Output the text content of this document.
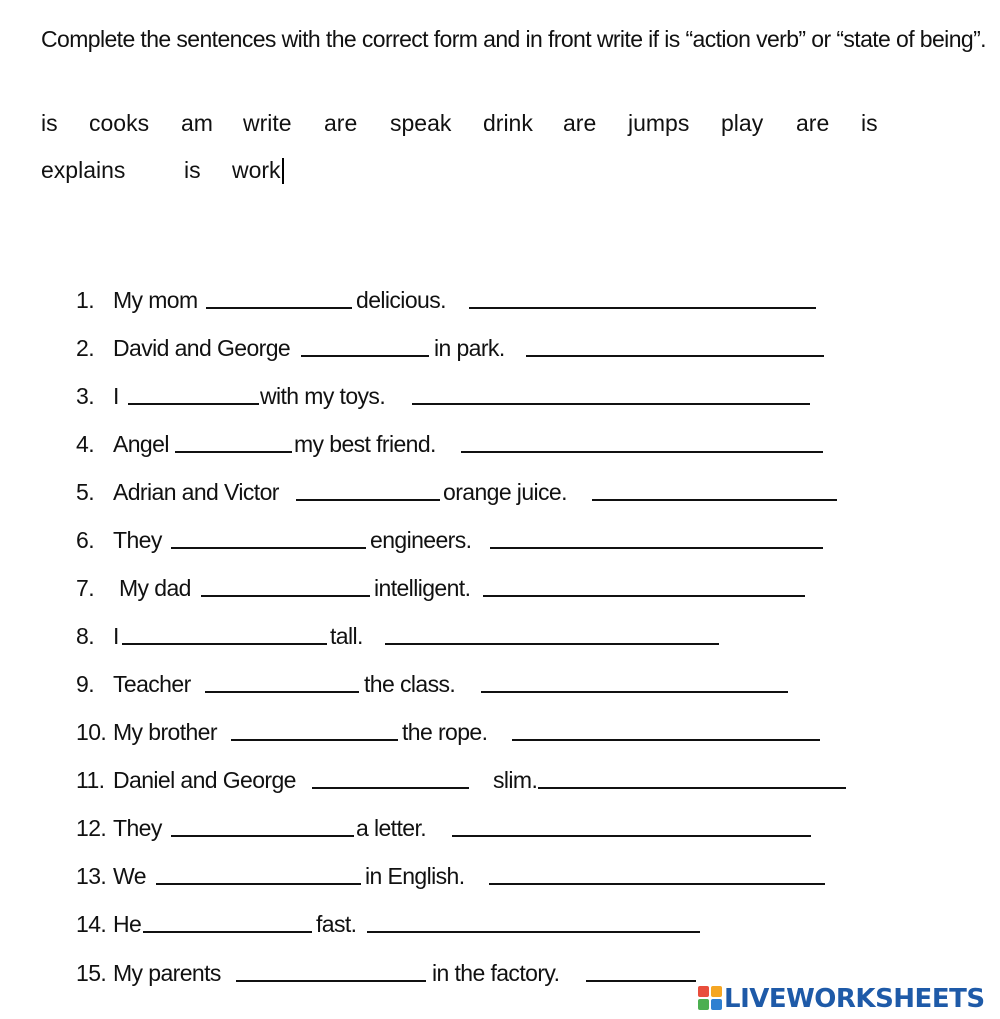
Complete the sentences with the correct form and in front write if is “action verb” or “state of being”.
is cooks am write are speak drink are jumps play are is
explains	is work
1. My mom	delicious.
2. David and George	in park.
3. I	with my toys.
4. Angel	my best friend.
5. Adrian and Victor	orange juice.
6. They	engineers.
7. My dad	intelligent.
8. I	tall.
9. Teacher	the class.
10. My brother	the rope.
11. Daniel and George	slim.
12. They	a letter.
13. We	in English.
14. He	fast.
15. My parents	in the factory.
LIVEWORKSHEETS
